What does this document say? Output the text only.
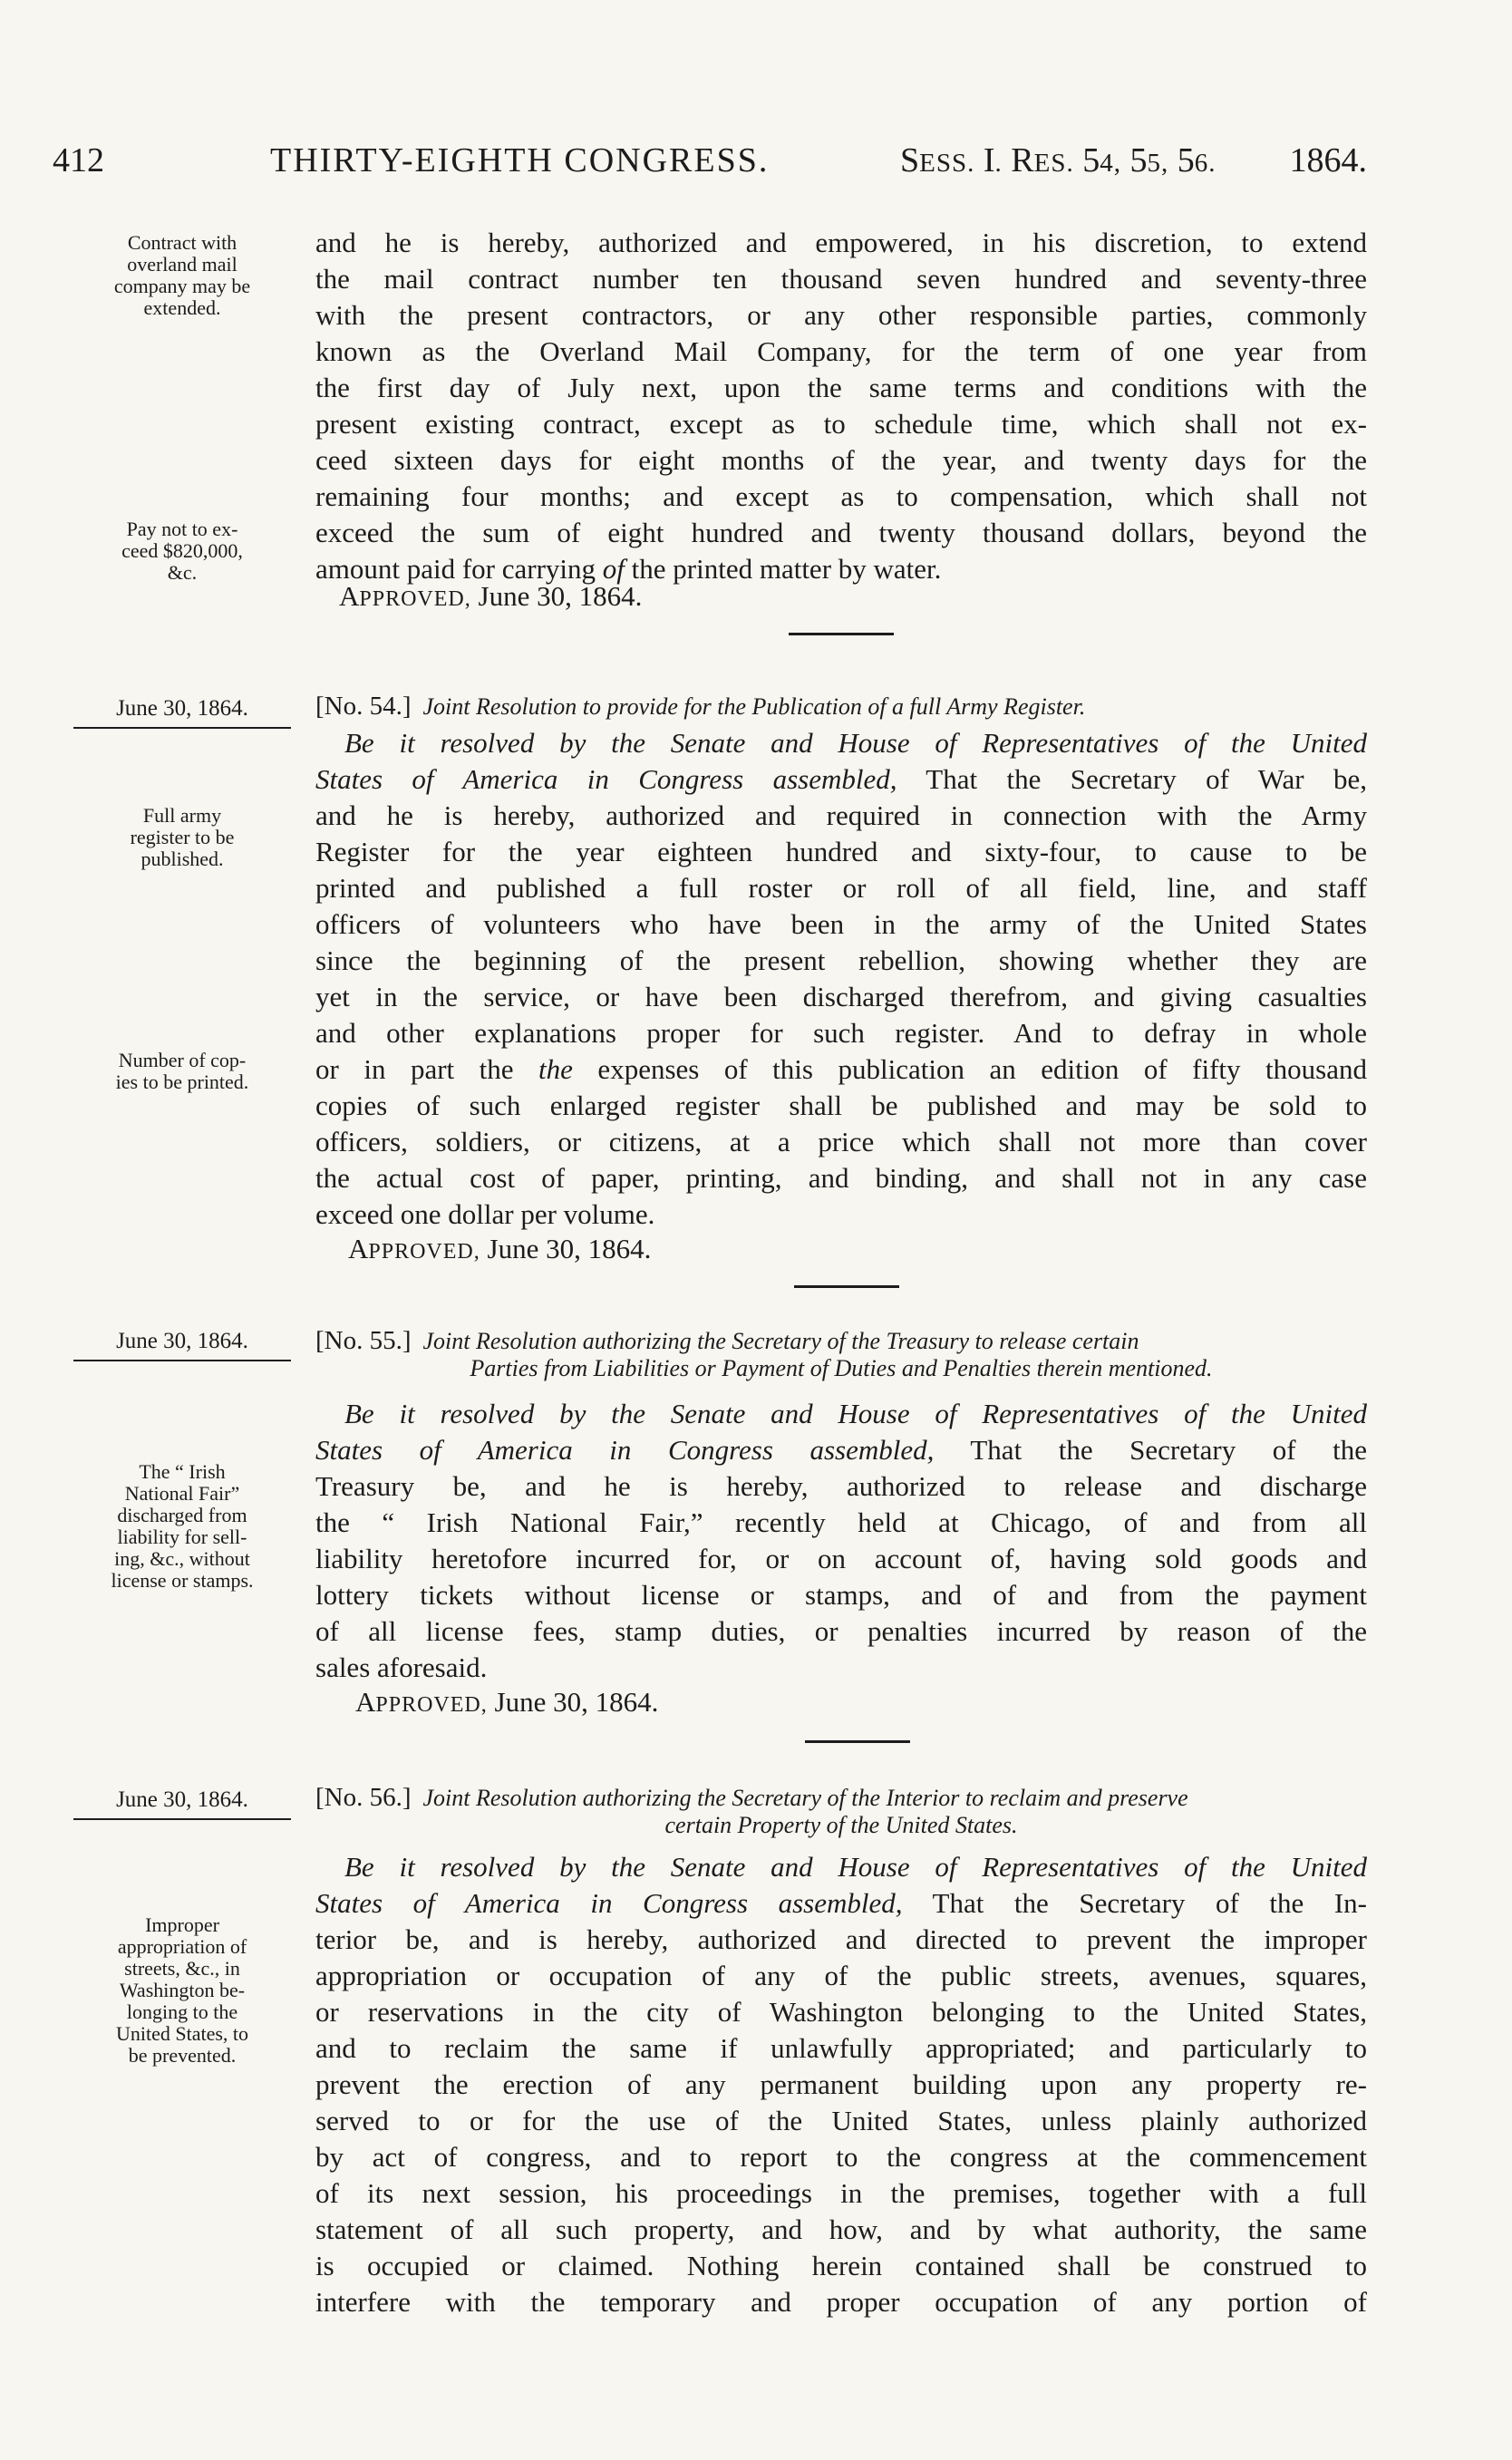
412	THIRTY-EIGHTH CONGRESS.	SESS. I. RES. 54, 55, 56. 1864.
Contract with
overland mail
company may be
extended.
Pay not to ex-
ceed $820,000,
&c.
and he is hereby, authorized and empowered, in his discretion, to extend
the mail contract number ten thousand seven hundred and seventy-three
with the present contractors, or any other responsible parties, commonly
known as the Overland Mail Company, for the term of one year from
the first day of July next, upon the same terms and conditions with the
present existing contract, except as to schedule time, which shall not ex-
ceed sixteen days for eight months of the year, and twenty days for the
remaining four months; and except as to compensation, which shall not
exceed the sum of eight hundred and twenty thousand dollars, beyond the
amount paid for carrying of the printed matter by water.
APPROVED, June 30, 1864.
June 30, 1864.	[No. 54.] Joint Resolution to provide for the Publication of a full Army Register.
Full army
register to be
published.
Number of cop-
ies to be printed.
Be it resolved by the Senate and House of Representatives of the United
States of America in Congress assembled, That the Secretary of War be,
and he is hereby, authorized and required in connection with the Army
Register for the year eighteen hundred and sixty-four, to cause to be
printed and published a full roster or roll of all field, line, and staff
officers of volunteers who have been in the army of the United States
since the beginning of the present rebellion, showing whether they are
yet in the service, or have been discharged therefrom, and giving casualties
and other explanations proper for such register. And to defray in whole
or in part the the expenses of this publication an edition of fifty thousand
copies of such enlarged register shall be published and may be sold to
officers, soldiers, or citizens, at a price which shall not more than cover
the actual cost of paper, printing, and binding, and shall not in any case
exceed one dollar per volume.
APPROVED, June 30, 1864.
June 30, 1864.	[No. 55.] Joint Resolution authorizing the Secretary of the Treasury to release certain
Parties from Liabilities or Payment of Duties and Penalties therein mentioned.
The “ Irish
National Fair”
discharged from
liability for sell-
ing, &c., without
license or stamps.
Be it resolved by the Senate and House of Representatives of the United
States of America in Congress assembled, That the Secretary of the
Treasury be, and he is hereby, authorized to release and discharge
the “ Irish National Fair,” recently held at Chicago, of and from all
liability heretofore incurred for, or on account of, having sold goods and
lottery tickets without license or stamps, and of and from the payment
of all license fees, stamp duties, or penalties incurred by reason of the
sales aforesaid.
APPROVED, June 30, 1864.
June 30, 1864.	[No. 56.] Joint Resolution authorizing the Secretary of the Interior to reclaim and preserve
certain Property of the United States.
Improper
appropriation of
streets, &c., in
Washington be-
longing to the
United States, to
be prevented.
Be it resolved by the Senate and House of Representatives of the United
States of America in Congress assembled, That the Secretary of the In-
terior be, and is hereby, authorized and directed to prevent the improper
appropriation or occupation of any of the public streets, avenues, squares,
or reservations in the city of Washington belonging to the United States,
and to reclaim the same if unlawfully appropriated; and particularly to
prevent the erection of any permanent building upon any property re-
served to or for the use of the United States, unless plainly authorized
by act of congress, and to report to the congress at the commencement
of its next session, his proceedings in the premises, together with a full
statement of all such property, and how, and by what authority, the same
is occupied or claimed. Nothing herein contained shall be construed to
interfere with the temporary and proper occupation of any portion of
